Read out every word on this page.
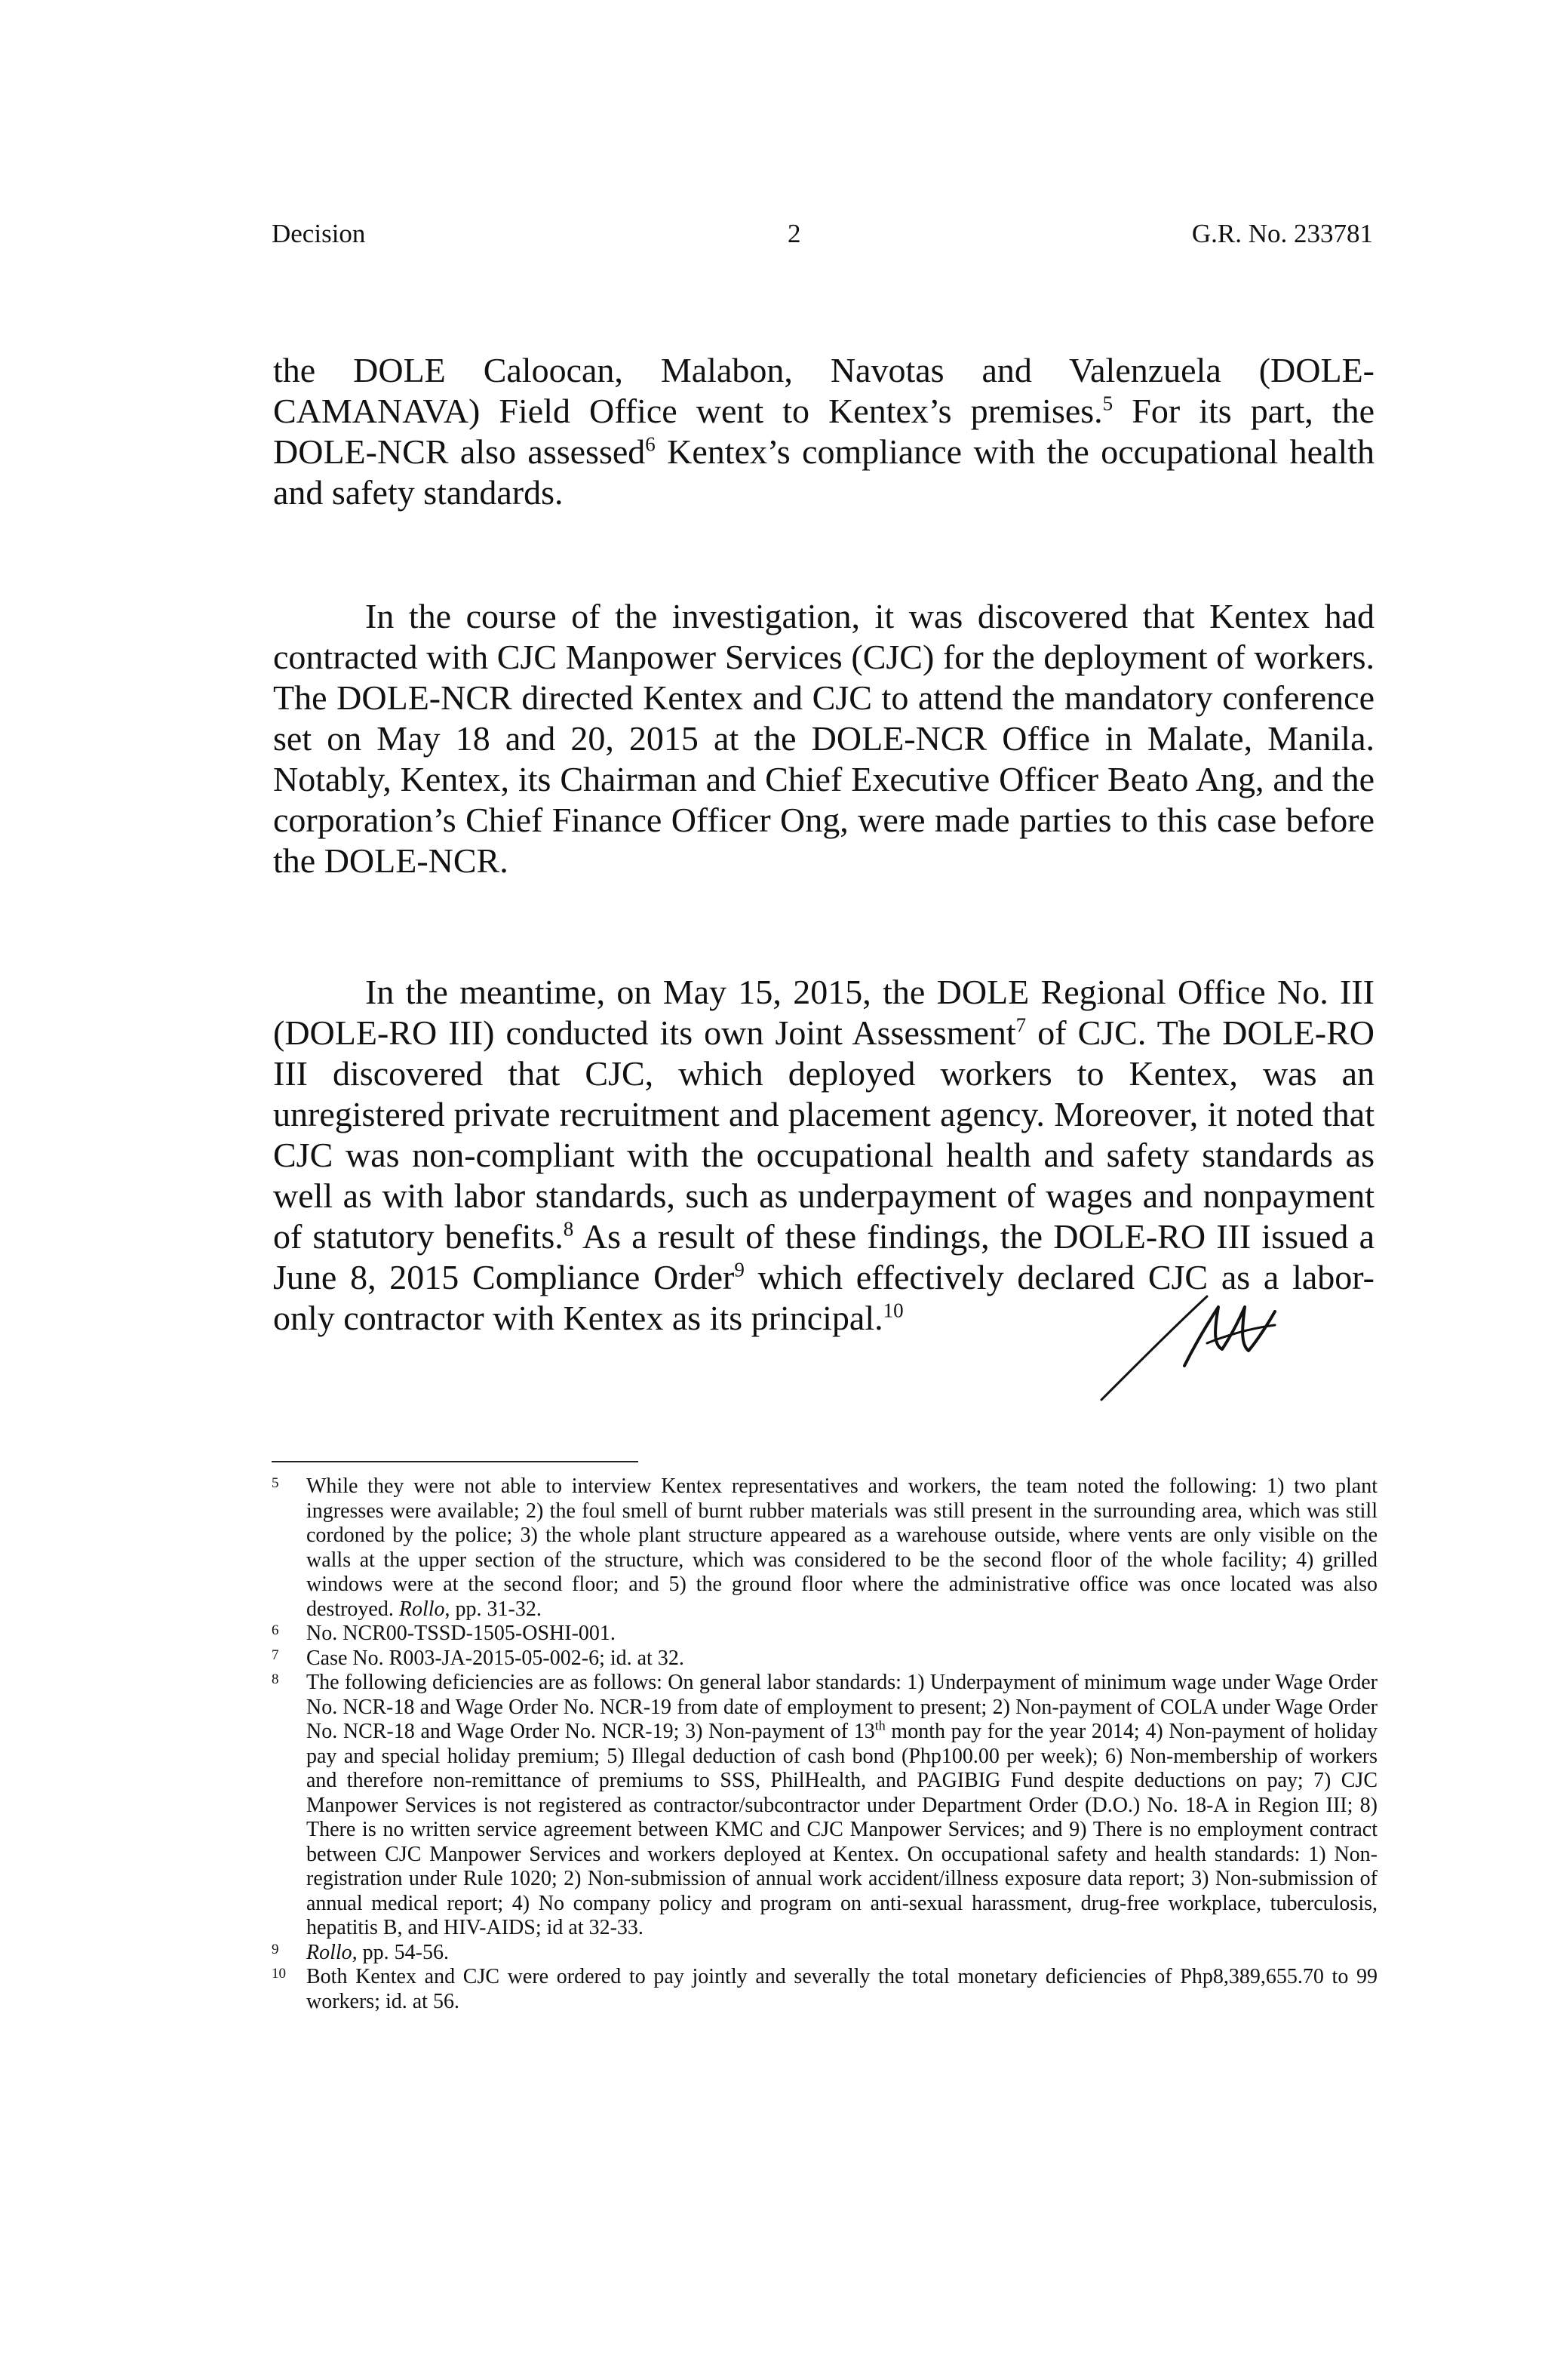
Decision	2	G.R. No. 233781

the DOLE Caloocan, Malabon, Navotas and Valenzuela (DOLE-CAMANAVA) Field Office went to Kentex’s premises.$^5$ For its part, the DOLE-NCR also assessed$^6$ Kentex’s compliance with the occupational health and safety standards.

In the course of the investigation, it was discovered that Kentex had contracted with CJC Manpower Services (CJC) for the deployment of workers. The DOLE-NCR directed Kentex and CJC to attend the mandatory conference set on May 18 and 20, 2015 at the DOLE-NCR Office in Malate, Manila. Notably, Kentex, its Chairman and Chief Executive Officer Beato Ang, and the corporation’s Chief Finance Officer Ong, were made parties to this case before the DOLE-NCR.

In the meantime, on May 15, 2015, the DOLE Regional Office No. III (DOLE-RO III) conducted its own Joint Assessment$^7$ of CJC. The DOLE-RO III discovered that CJC, which deployed workers to Kentex, was an unregistered private recruitment and placement agency. Moreover, it noted that CJC was non-compliant with the occupational health and safety standards as well as with labor standards, such as underpayment of wages and nonpayment of statutory benefits.$^8$ As a result of these findings, the DOLE-RO III issued a June 8, 2015 Compliance Order$^9$ which effectively declared CJC as a labor-only contractor with Kentex as its principal.$^{10}$

5 While they were not able to interview Kentex representatives and workers, the team noted the following: 1) two plant ingresses were available; 2) the foul smell of burnt rubber materials was still present in the surrounding area, which was still cordoned by the police; 3) the whole plant structure appeared as a warehouse outside, where vents are only visible on the walls at the upper section of the structure, which was considered to be the second floor of the whole facility; 4) grilled windows were at the second floor; and 5) the ground floor where the administrative office was once located was also destroyed. Rollo, pp. 31-32.

6 No. NCR00-TSSD-1505-OSHI-001.

7 Case No. R003-JA-2015-05-002-6; id. at 32.

8 The following deficiencies are as follows: On general labor standards: 1) Underpayment of minimum wage under Wage Order No. NCR-18 and Wage Order No. NCR-19 from date of employment to present; 2) Non-payment of COLA under Wage Order No. NCR-18 and Wage Order No. NCR-19; 3) Non-payment of 13th month pay for the year 2014; 4) Non-payment of holiday pay and special holiday premium; 5) Illegal deduction of cash bond (Php100.00 per week); 6) Non-membership of workers and therefore non-remittance of premiums to SSS, PhilHealth, and PAGIBIG Fund despite deductions on pay; 7) CJC Manpower Services is not registered as contractor/subcontractor under Department Order (D.O.) No. 18-A in Region III; 8) There is no written service agreement between KMC and CJC Manpower Services; and 9) There is no employment contract between CJC Manpower Services and workers deployed at Kentex. On occupational safety and health standards: 1) Non-registration under Rule 1020; 2) Non-submission of annual work accident/illness exposure data report; 3) Non-submission of annual medical report; 4) No company policy and program on anti-sexual harassment, drug-free workplace, tuberculosis, hepatitis B, and HIV-AIDS; id at 32-33.

9 Rollo, pp. 54-56.

10 Both Kentex and CJC were ordered to pay jointly and severally the total monetary deficiencies of Php8,389,655.70 to 99 workers; id. at 56.
